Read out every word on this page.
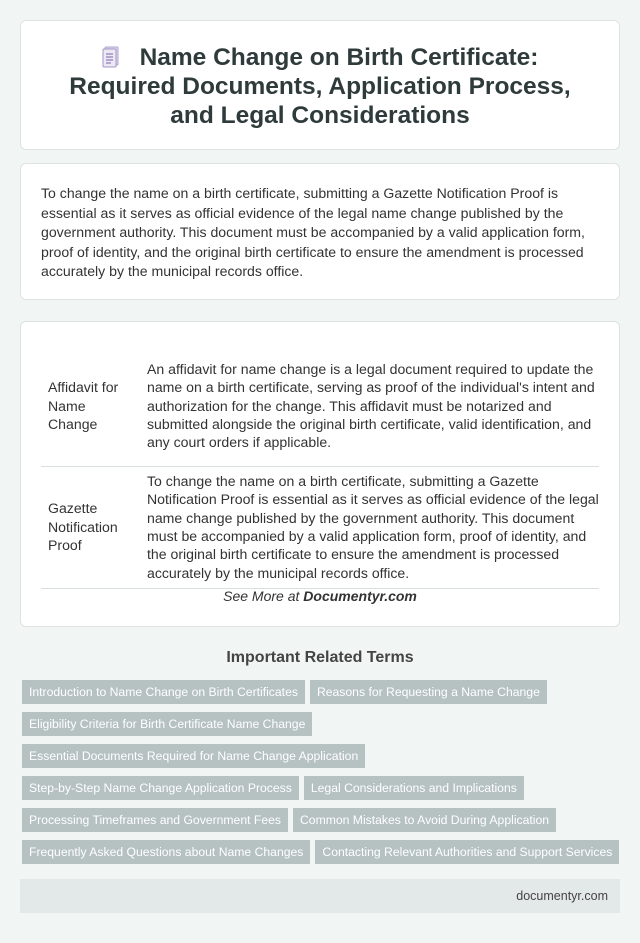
Name Change on Birth Certificate: Required Documents, Application Process, and Legal Considerations

To change the name on a birth certificate, submitting a Gazette Notification Proof is essential as it serves as official evidence of the legal name change published by the government authority. This document must be accompanied by a valid application form, proof of identity, and the original birth certificate to ensure the amendment is processed accurately by the municipal records office.

Affidavit for Name Change	An affidavit for name change is a legal document required to update the name on a birth certificate, serving as proof of the individual's intent and authorization for the change. This affidavit must be notarized and submitted alongside the original birth certificate, valid identification, and any court orders if applicable.
Gazette Notification Proof	To change the name on a birth certificate, submitting a Gazette Notification Proof is essential as it serves as official evidence of the legal name change published by the government authority. This document must be accompanied by a valid application form, proof of identity, and the original birth certificate to ensure the amendment is processed accurately by the municipal records office.
See More at Documentyr.com
Important Related Terms
Introduction to Name Change on Birth Certificates Reasons for Requesting a Name Change
Eligibility Criteria for Birth Certificate Name Change
Essential Documents Required for Name Change Application
Step-by-Step Name Change Application Process Legal Considerations and Implications
Processing Timeframes and Government Fees Common Mistakes to Avoid During Application
Frequently Asked Questions about Name Changes Contacting Relevant Authorities and Support Services
documentyr.com
